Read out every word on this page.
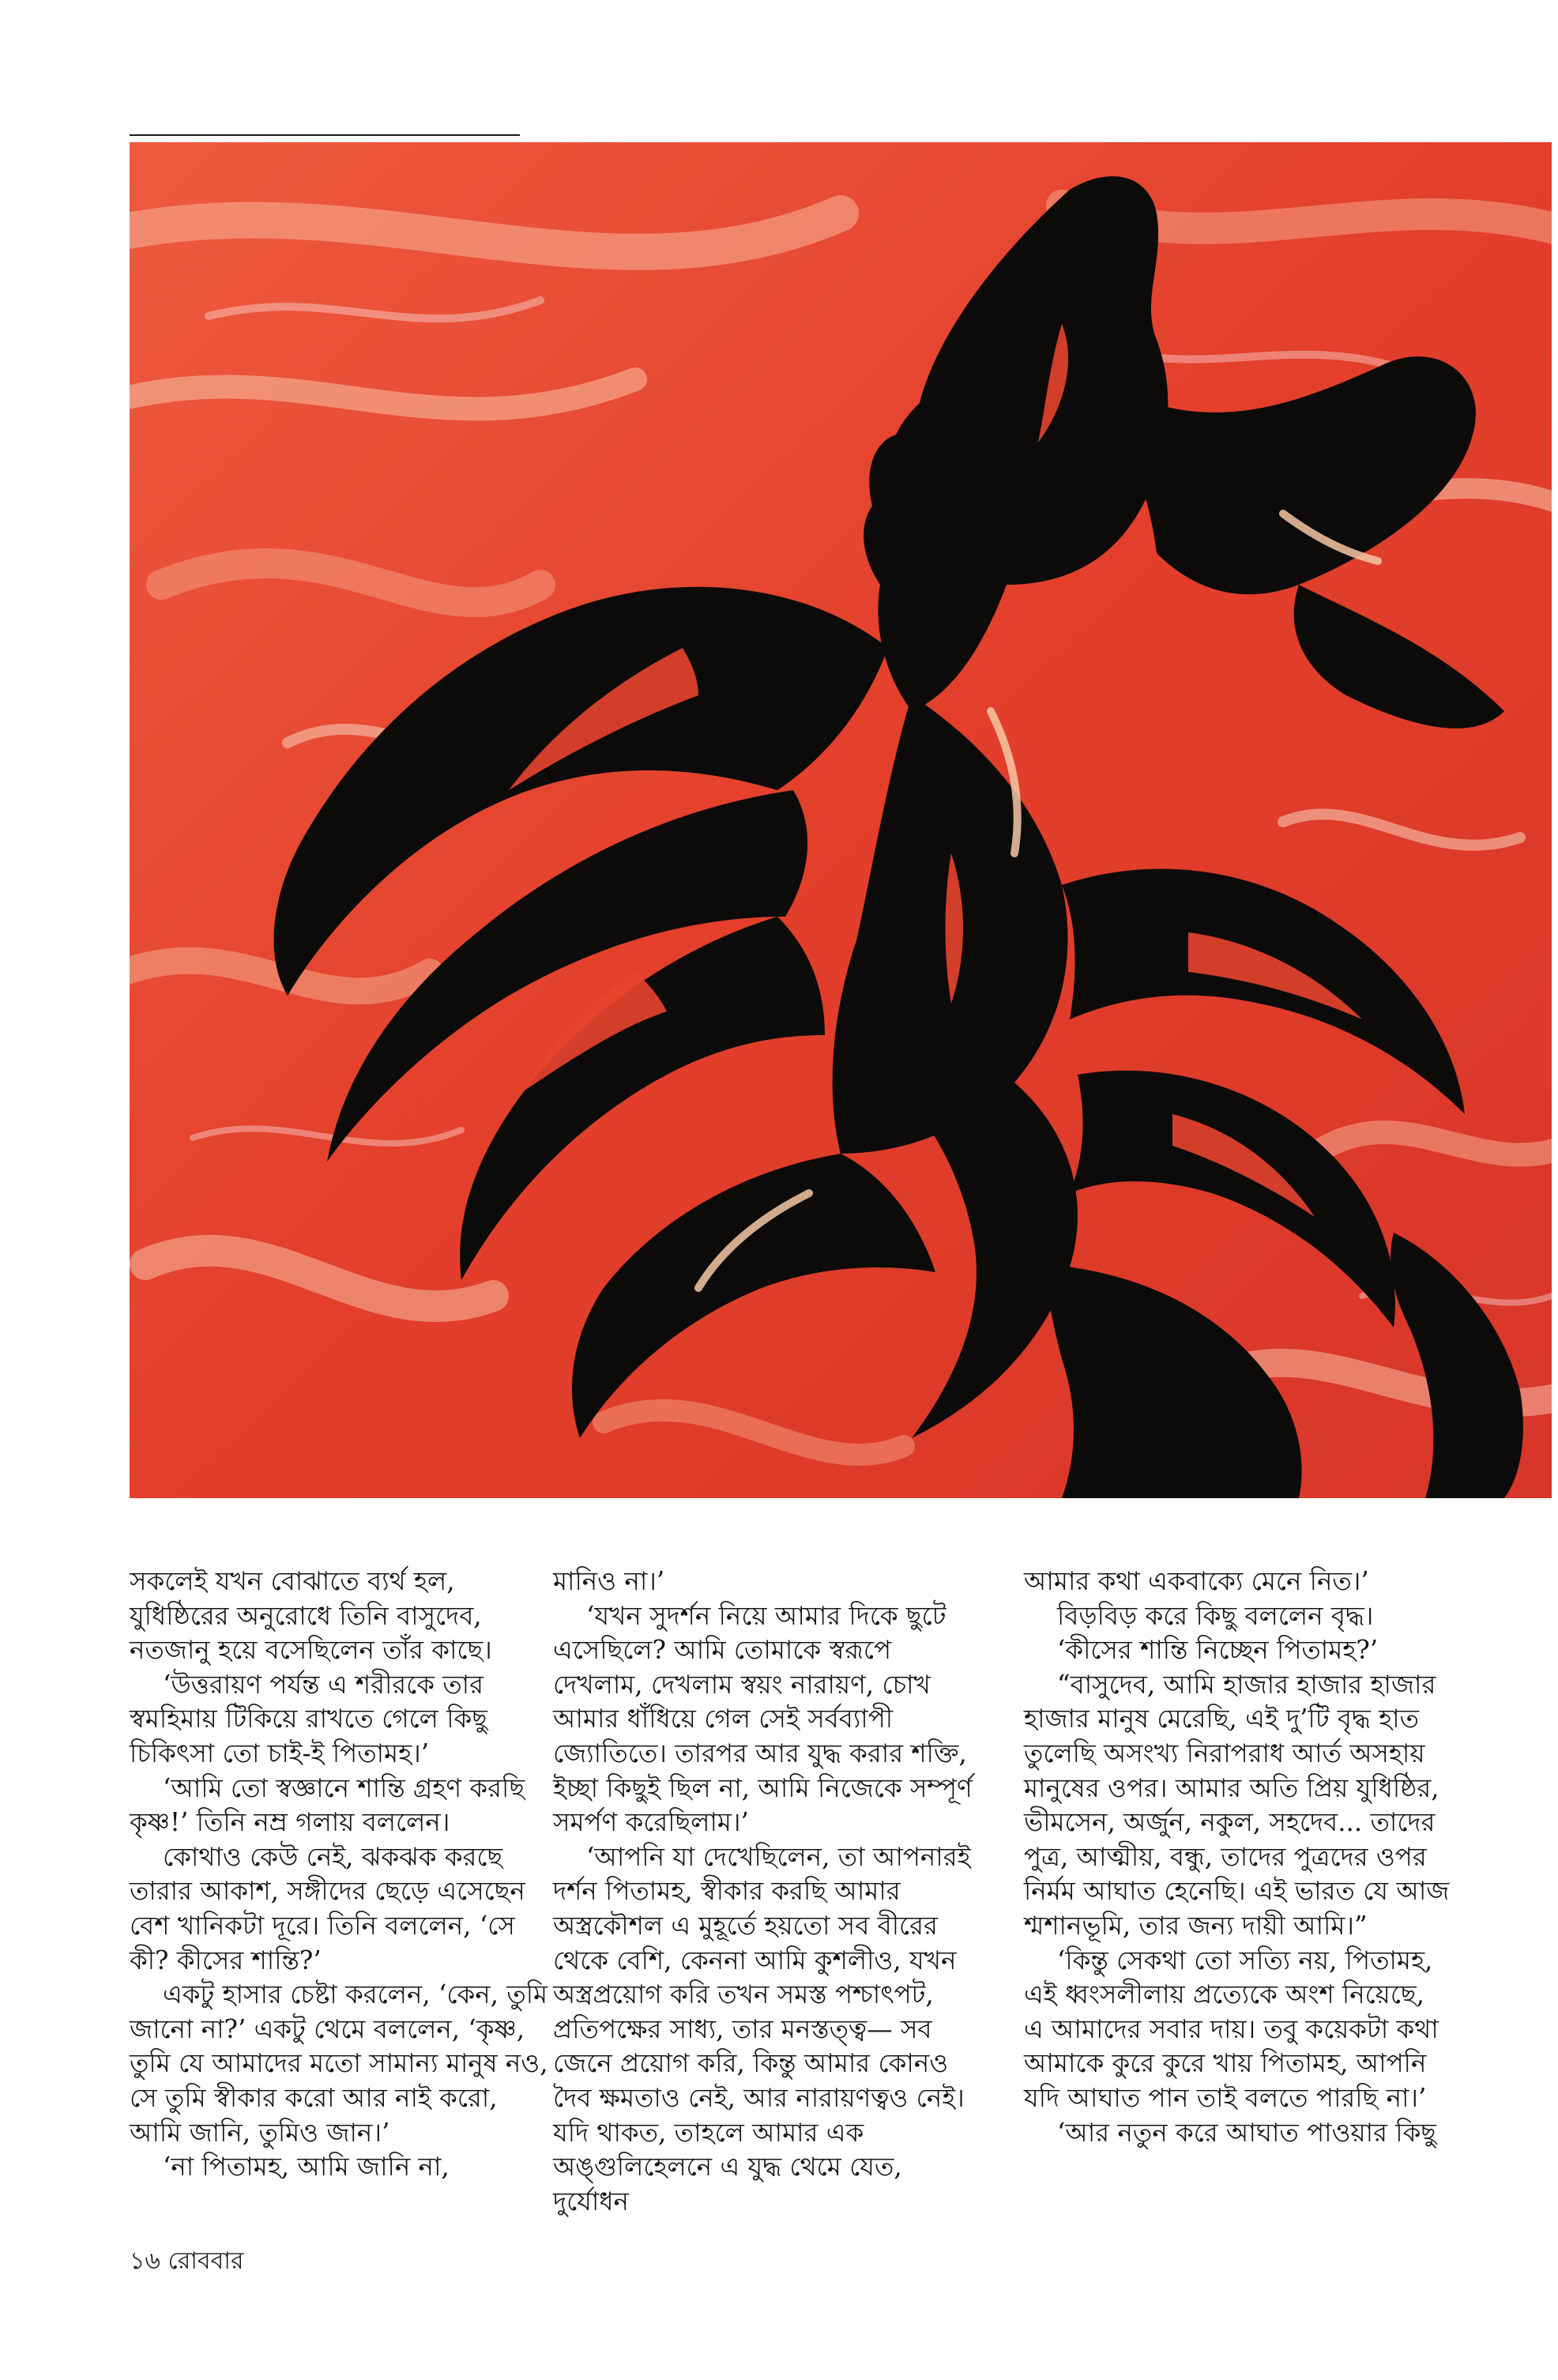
সকলেই যখন বোঝাতে ব্যর্থ হল, যুধিষ্ঠিরের অনুরোধে তিনি বাসুদেব, নতজানু হয়ে বসেছিলেন তাঁর কাছে।

‘উত্তরায়ণ পর্যন্ত এ শরীরকে তার স্বমহিমায় টিকিয়ে রাখতে গেলে কিছু চিকিৎসা তো চাই-ই পিতামহ।’

‘আমি তো স্বজ্ঞানে শান্তি গ্রহণ করছি কৃষ্ণ!’ তিনি নম্র গলায় বললেন।

কোথাও কেউ নেই, ঝকঝক করছে তারার আকাশ, সঙ্গীদের ছেড়ে এসেছেন বেশ খানিকটা দূরে। তিনি বললেন, ‘সে কী? কীসের শান্তি?’

একটু হাসার চেষ্টা করলেন, ‘কেন, তুমি জানো না?’ একটু থেমে বললেন, ‘কৃষ্ণ, তুমি যে আমাদের মতো সামান্য মানুষ নও, সে তুমি স্বীকার করো আর নাই করো, আমি জানি, তুমিও জান।’

‘না পিতামহ, আমি জানি না,

মানিও না।’

‘যখন সুদর্শন নিয়ে আমার দিকে ছুটে এসেছিলে? আমি তোমাকে স্বরূপে দেখলাম, দেখলাম স্বয়ং নারায়ণ, চোখ আমার ধাঁধিয়ে গেল সেই সর্বব্যাপী জ্যোতিতে। তারপর আর যুদ্ধ করার শক্তি, ইচ্ছা কিছুই ছিল না, আমি নিজেকে সম্পূর্ণ সমর্পণ করেছিলাম।’

‘আপনি যা দেখেছিলেন, তা আপনারই দর্শন পিতামহ, স্বীকার করছি আমার অস্ত্রকৌশল এ মুহূর্তে হয়তো সব বীরের থেকে বেশি, কেননা আমি কুশলীও, যখন অস্ত্রপ্রয়োগ করি তখন সমস্ত পশ্চাৎপট, প্রতিপক্ষের সাধ্য, তার মনস্তত্ত্ব— সব জেনে প্রয়োগ করি, কিন্তু আমার কোনও দৈব ক্ষমতাও নেই, আর নারায়ণত্বও নেই। যদি থাকত, তাহলে আমার এক অঙ্গুলিহেলনে এ যুদ্ধ থেমে যেত, দুর্যোধন

আমার কথা একবাক্যে মেনে নিত।’

বিড়বিড় করে কিছু বললেন বৃদ্ধ।

‘কীসের শান্তি নিচ্ছেন পিতামহ?’

“বাসুদেব, আমি হাজার হাজার হাজার হাজার মানুষ মেরেছি, এই দু’টি বৃদ্ধ হাত তুলেছি অসংখ্য নিরাপরাধ আর্ত অসহায় মানুষের ওপর। আমার অতি প্রিয় যুধিষ্ঠির, ভীমসেন, অর্জুন, নকুল, সহদেব... তাদের পুত্র, আত্মীয়, বন্ধু, তাদের পুত্রদের ওপর নির্মম আঘাত হেনেছি। এই ভারত যে আজ শ্মশানভূমি, তার জন্য দায়ী আমি।”

‘কিন্তু সেকথা তো সত্যি নয়, পিতামহ, এই ধ্বংসলীলায় প্রত্যেকে অংশ নিয়েছে, এ আমাদের সবার দায়। তবু কয়েকটা কথা আমাকে কুরে কুরে খায় পিতামহ, আপনি যদি আঘাত পান তাই বলতে পারছি না।’

‘আর নতুন করে আঘাত পাওয়ার কিছু

১৬ রোববার
